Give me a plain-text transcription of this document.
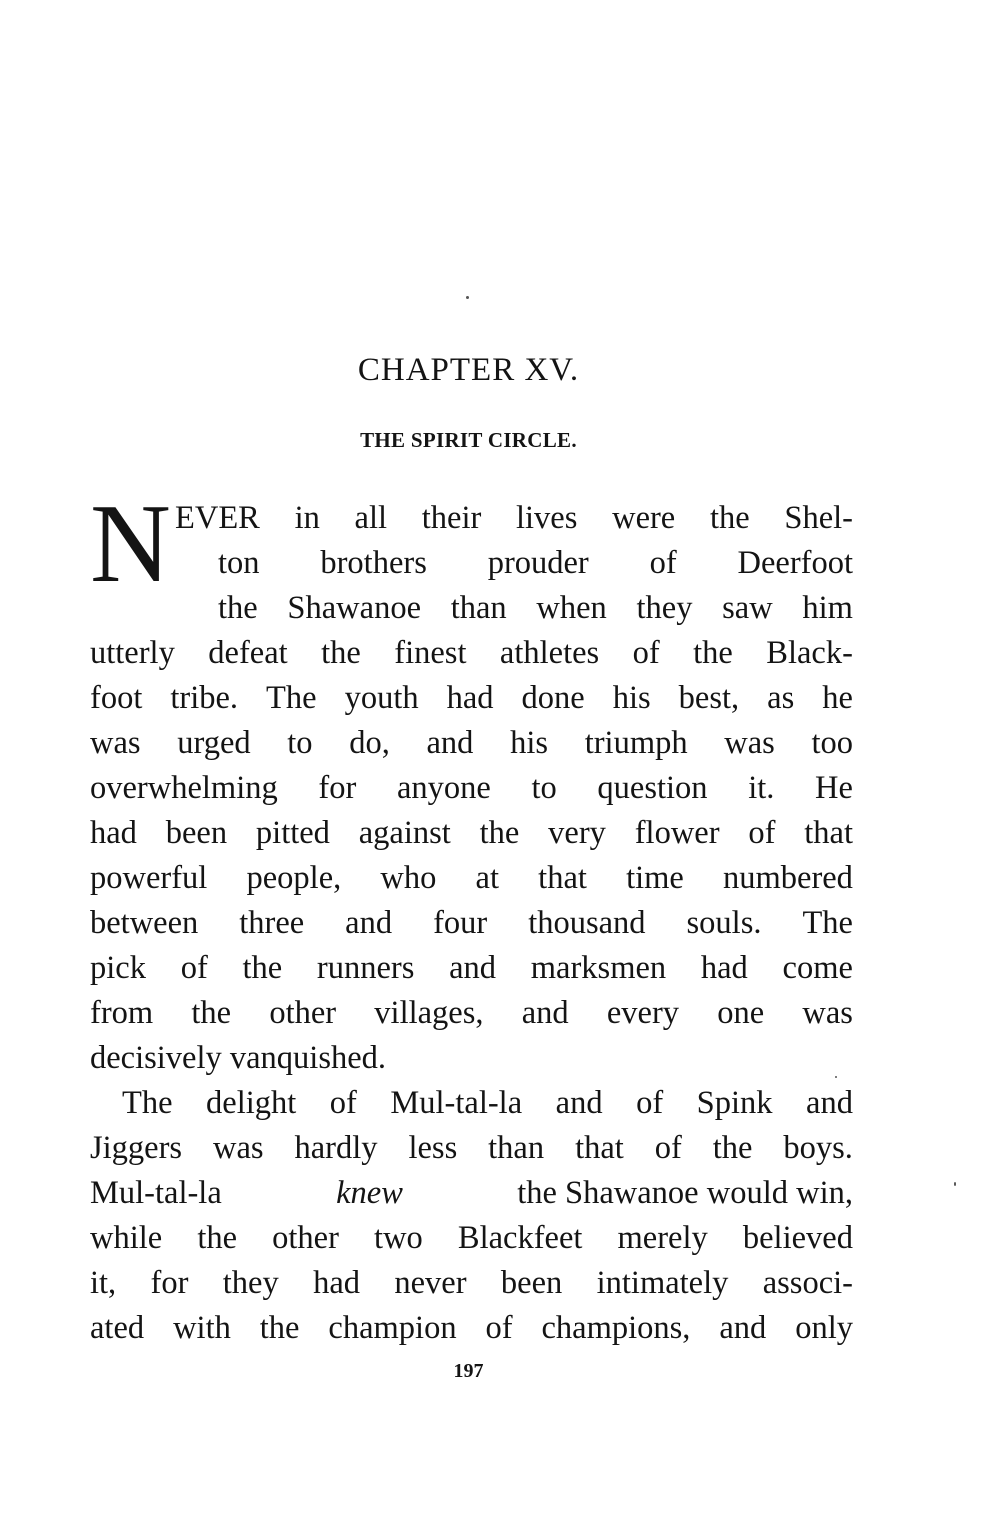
CHAPTER XV.
THE SPIRIT CIRCLE.
N EVER in all their lives were the Shel-

ton brothers prouder of Deerfoot

the Shawanoe than when they saw him

utterly defeat the finest athletes of the Black-

foot tribe. The youth had done his best, as he

was urged to do, and his triumph was too

overwhelming for anyone to question it. He

had been pitted against the very flower of that

powerful people, who at that time numbered

between three and four thousand souls. The

pick of the runners and marksmen had come

from the other villages, and every one was

decisively vanquished.

The delight of Mul-tal-la and of Spink and

Jiggers was hardly less than that of the boys.

Mul-tal-la	knew	the Shawanoe would win,

while the other two Blackfeet merely believed

it, for they had never been intimately associ-

ated with the champion of champions, and only

197
